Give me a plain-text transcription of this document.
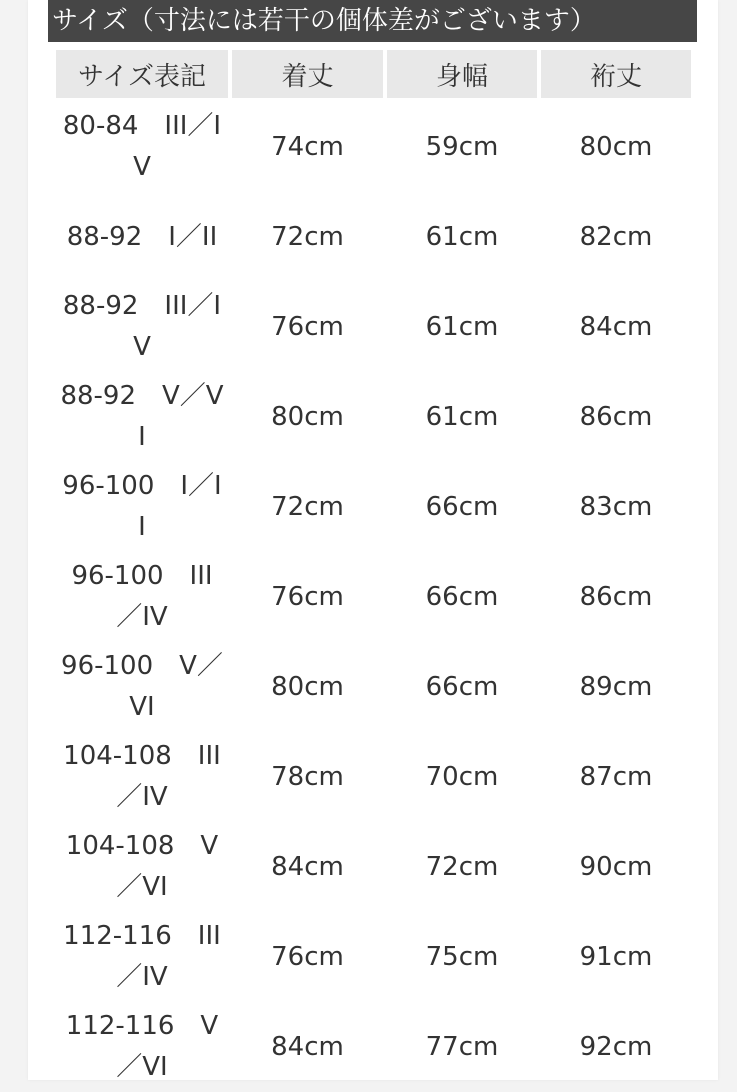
サイズ（寸法には若干の個体差がございます）
サイズ表記	着丈	身幅	裄丈

80-84　III／IV	74cm	59cm	80cm
88-92　I／II	72cm	61cm	82cm
88-92　III／IV	76cm	61cm	84cm
88-92　V／VI	80cm	61cm	86cm
96-100　I／II	72cm	66cm	83cm
96-100　III／IV	76cm	66cm	86cm
96-100　V／VI	80cm	66cm	89cm
104-108　III／IV	78cm	70cm	87cm
104-108　V／VI	84cm	72cm	90cm
112-116　III／IV	76cm	75cm	91cm
112-116　V／VI	84cm	77cm	92cm
